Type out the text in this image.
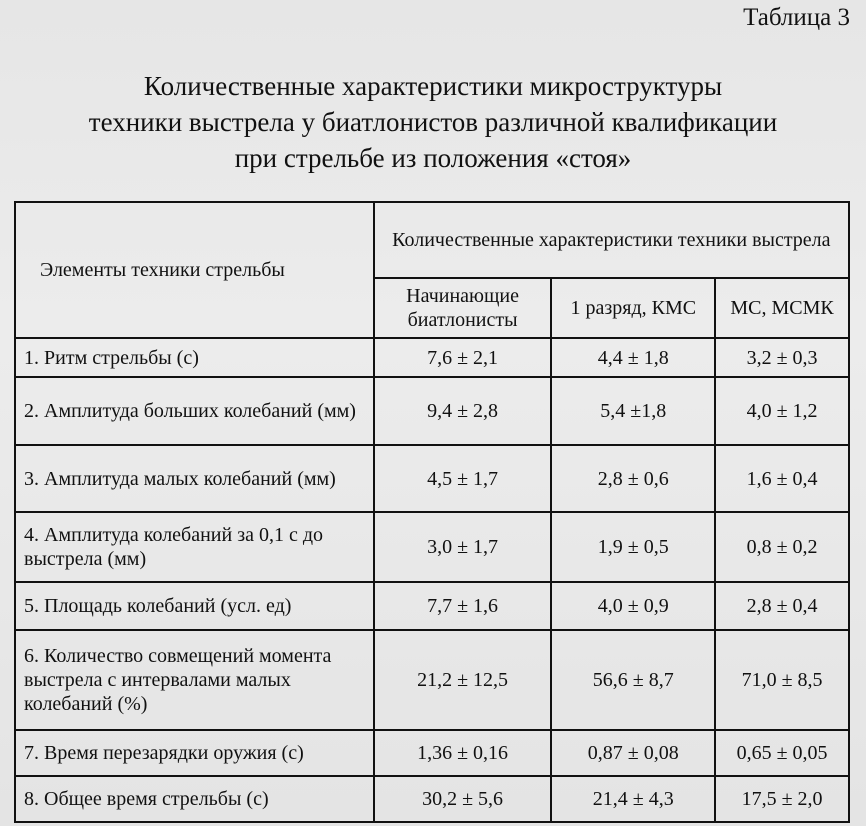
Таблица 3
Количественные характеристики микроструктуры
техники выстрела у биатлонистов различной квалификации
при стрельбе из положения «стоя»
Элементы техники стрельбы	Количественные характеристики техники выстрела		
	Начинающие биатлонисты	1 разряд, КМС	МС, МСМК
1. Ритм стрельбы (с)	7,6 ± 2,1	4,4 ± 1,8	3,2 ± 0,3
2. Амплитуда больших колебаний (мм)	9,4 ± 2,8	5,4 ±1,8	4,0 ± 1,2
3. Амплитуда малых колебаний (мм)	4,5 ± 1,7	2,8 ± 0,6	1,6 ± 0,4
4. Амплитуда колебаний за 0,1 с до выстрела (мм)	3,0 ± 1,7	1,9 ± 0,5	0,8 ± 0,2
5. Площадь колебаний (усл. ед)	7,7 ± 1,6	4,0 ± 0,9	2,8 ± 0,4
6. Количество совмещений момента выстрела с интервалами малых колебаний (%)	21,2 ± 12,5	56,6 ± 8,7	71,0 ± 8,5
7. Время перезарядки оружия (с)	1,36 ± 0,16	0,87 ± 0,08	0,65 ± 0,05
8. Общее время стрельбы (с)	30,2 ± 5,6	21,4 ± 4,3	17,5 ± 2,0
